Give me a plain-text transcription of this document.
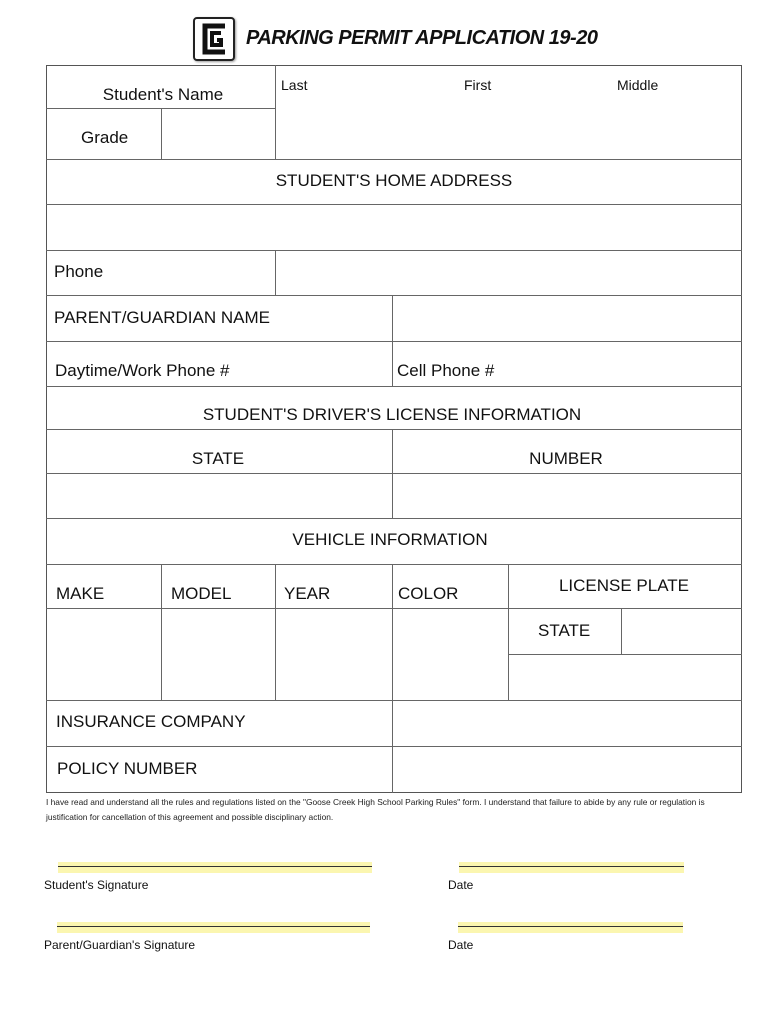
PARKING PERMIT APPLICATION 19-20
Student's Name	Last	First	Middle
Grade
STUDENT'S HOME ADDRESS
Phone
PARENT/GUARDIAN NAME
Daytime/Work Phone #	Cell Phone #
STUDENT'S DRIVER'S LICENSE INFORMATION
STATE	NUMBER
VEHICLE INFORMATION
MAKE	MODEL	YEAR	COLOR	LICENSE PLATE
STATE
INSURANCE COMPANY
POLICY NUMBER
I have read and understand all the rules and regulations listed on the "Goose Creek High School Parking Rules" form. I understand that failure to abide by any rule or regulation is justification for cancellation of this agreement and possible disciplinary action.
Student's Signature	Date
Parent/Guardian's Signature	Date
